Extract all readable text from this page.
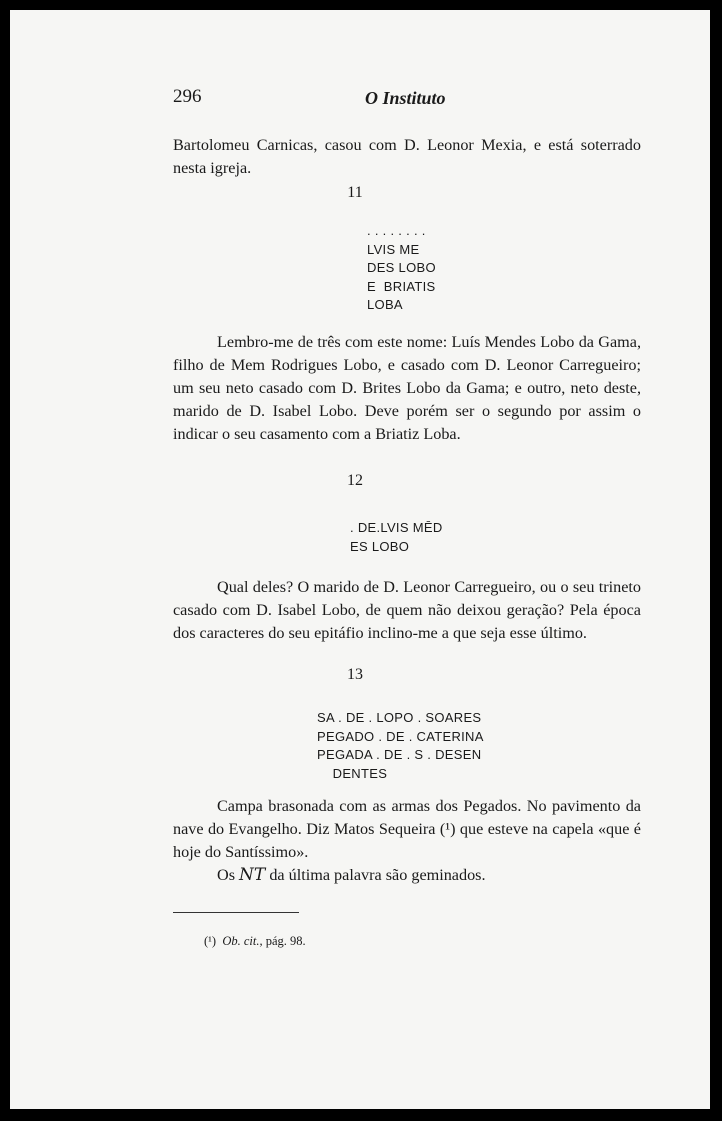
296	O Instituto
Bartolomeu Carnicas, casou com D. Leonor Mexia, e está soterrado nesta igreja.
11
. . . . . . . .
LVIS ME
DES LOBO
E  BRIATIS
LOBA
Lembro-me de três com este nome: Luís Mendes Lobo da Gama, filho de Mem Rodrigues Lobo, e casado com D. Leonor Carregueiro; um seu neto casado com D. Brites Lobo da Gama; e outro, neto deste, marido de D. Isabel Lobo. Deve porém ser o segundo por assim o indicar o seu casamento com a Briatiz Loba.
12
. DE.LVIS MĒD
ES LOBO
Qual deles? O marido de D. Leonor Carregueiro, ou o seu trineto casado com D. Isabel Lobo, de quem não deixou geração? Pela época dos caracteres do seu epitáfio inclino-me a que seja esse último.
13
SA . DE . LOPO . SOARES
PEGADO . DE . CATERINA
PEGADA . DE . S . DESEN
DENTES
Campa brasonada com as armas dos Pegados. No pavimento da nave do Evangelho. Diz Matos Sequeira (¹) que esteve na capela «que é hoje do Santíssimo».
Os NT da última palavra são geminados.
(¹) Ob. cit., pág. 98.
